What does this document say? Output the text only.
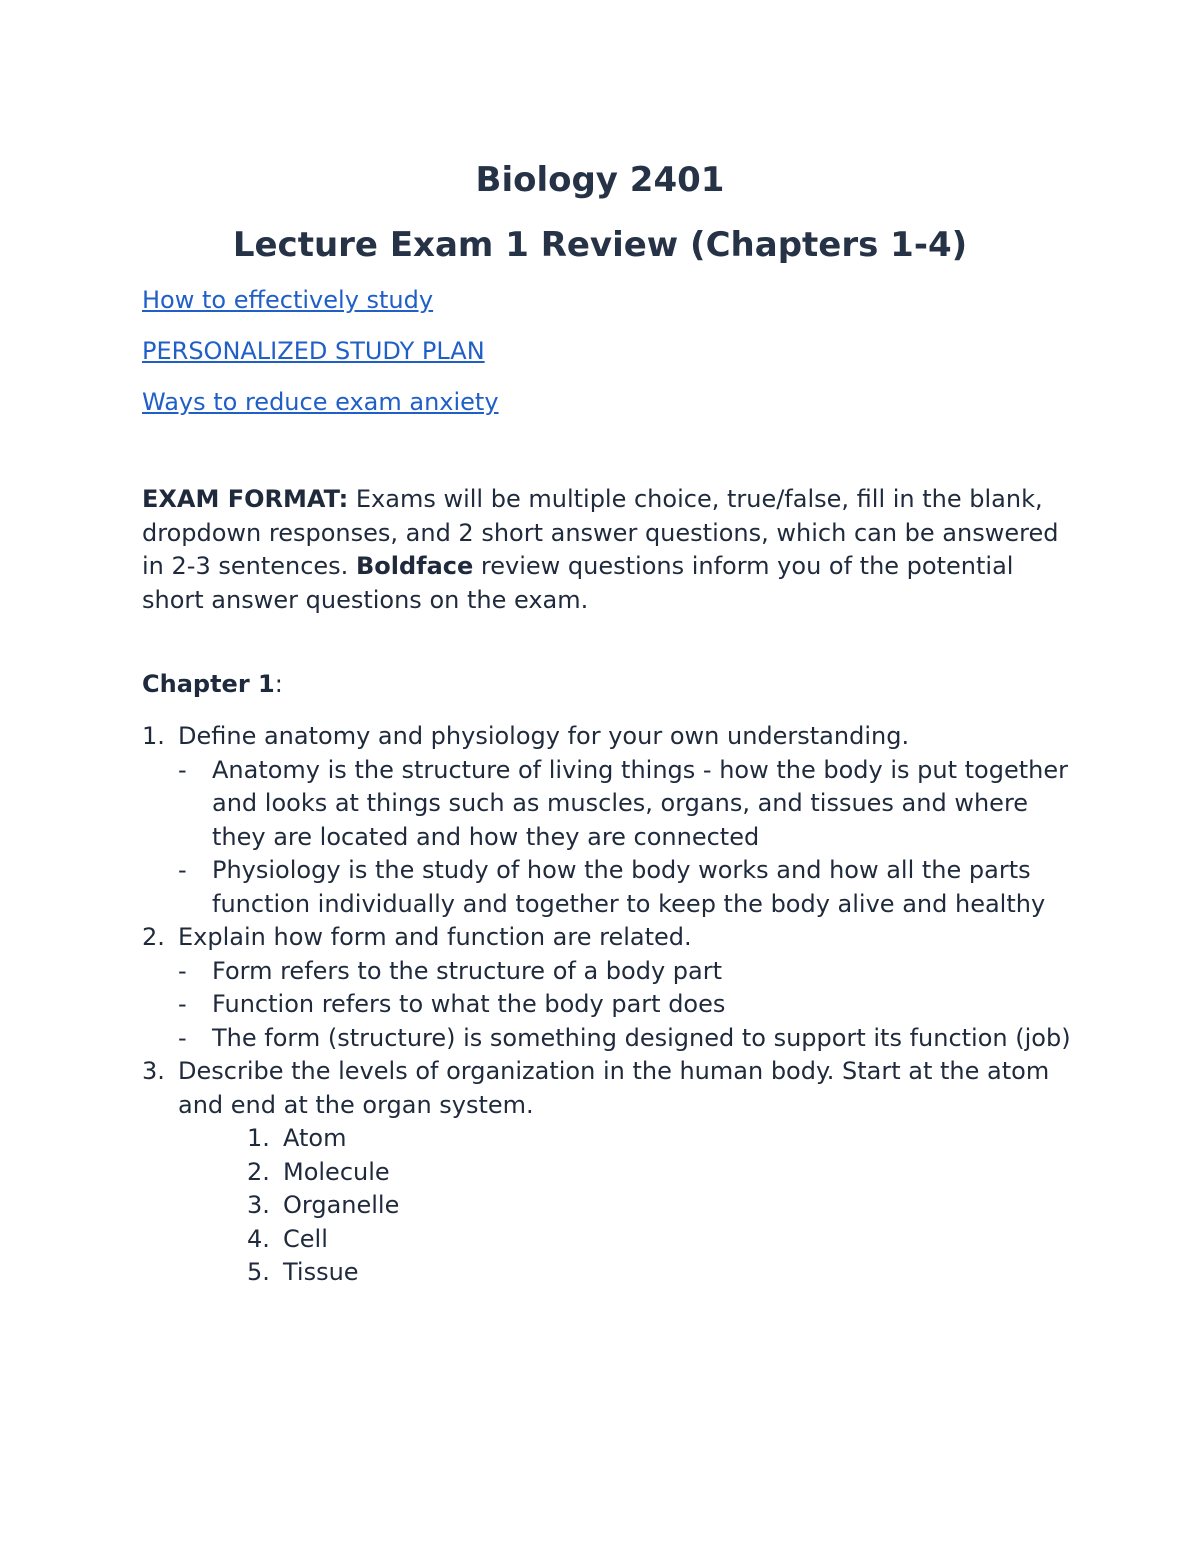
Biology 2401
Lecture Exam 1 Review (Chapters 1-4)
How to effectively study
PERSONALIZED STUDY PLAN
Ways to reduce exam anxiety

EXAM FORMAT: Exams will be multiple choice, true/false, fill in the blank, dropdown responses, and 2 short answer questions, which can be answered in 2-3 sentences. Boldface review questions inform you of the potential short answer questions on the exam.

Chapter 1:

1. Define anatomy and physiology for your own understanding.
- Anatomy is the structure of living things - how the body is put together and looks at things such as muscles, organs, and tissues and where they are located and how they are connected
- Physiology is the study of how the body works and how all the parts function individually and together to keep the body alive and healthy
2. Explain how form and function are related.
- Form refers to the structure of a body part
- Function refers to what the body part does
- The form (structure) is something designed to support its function (job)
3. Describe the levels of organization in the human body. Start at the atom and end at the organ system.
1. Atom
2. Molecule
3. Organelle
4. Cell
5. Tissue
